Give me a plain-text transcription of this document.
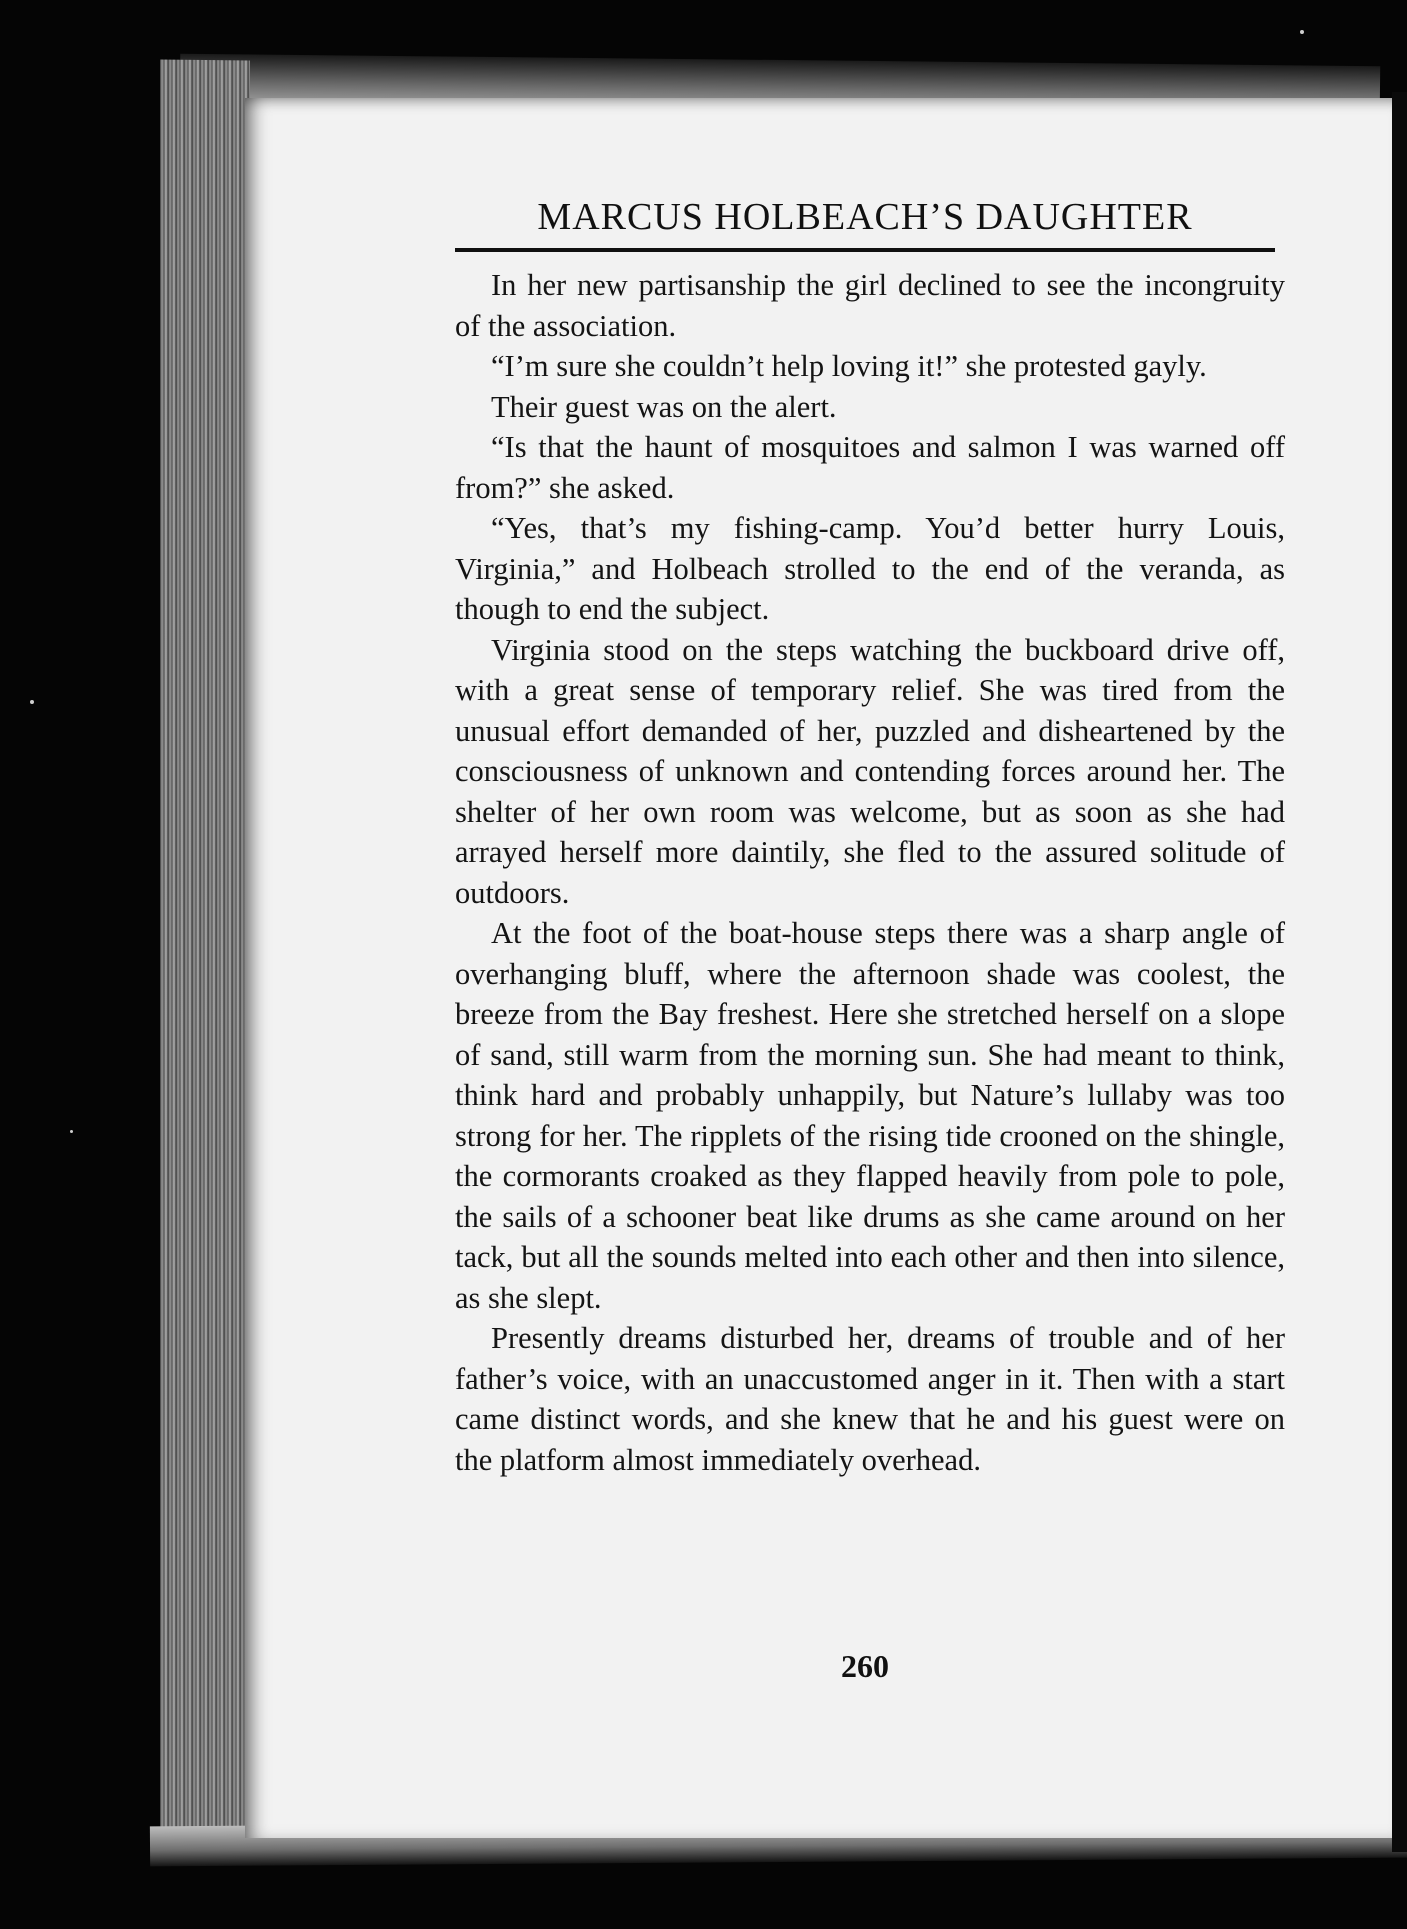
MARCUS HOLBEACH’S DAUGHTER

In her new partisanship the girl declined to see the incongruity of the association.

“I’m sure she couldn’t help loving it!” she protested gayly.

Their guest was on the alert.

“Is that the haunt of mosquitoes and salmon I was warned off from?” she asked.

“Yes, that’s my fishing-camp. You’d better hurry Louis, Virginia,” and Holbeach strolled to the end of the veranda, as though to end the subject.

Virginia stood on the steps watching the buckboard drive off, with a great sense of temporary relief. She was tired from the unusual effort demanded of her, puzzled and disheartened by the consciousness of unknown and contending forces around her. The shelter of her own room was welcome, but as soon as she had arrayed herself more daintily, she fled to the assured solitude of outdoors.

At the foot of the boat-house steps there was a sharp angle of overhanging bluff, where the afternoon shade was coolest, the breeze from the Bay freshest. Here she stretched herself on a slope of sand, still warm from the morning sun. She had meant to think, think hard and probably unhappily, but Nature’s lullaby was too strong for her. The ripplets of the rising tide crooned on the shingle, the cormorants croaked as they flapped heavily from pole to pole, the sails of a schooner beat like drums as she came around on her tack, but all the sounds melted into each other and then into silence, as she slept.

Presently dreams disturbed her, dreams of trouble and of her father’s voice, with an unaccustomed anger in it. Then with a start came distinct words, and she knew that he and his guest were on the platform almost immediately overhead.

260
